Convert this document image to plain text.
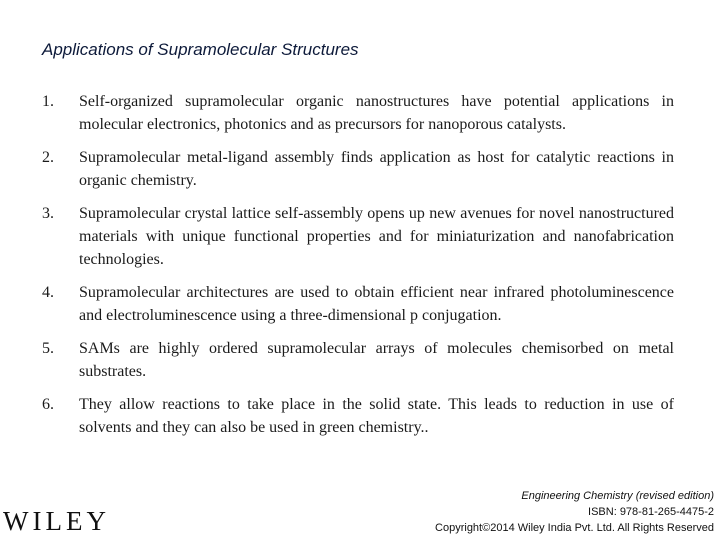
Applications of Supramolecular Structures
1.	Self-organized supramolecular organic nanostructures have potential applications in molecular electronics, photonics and as precursors for nanoporous catalysts.
2.	Supramolecular metal-ligand assembly finds application as host for catalytic reactions in organic chemistry.
3.	Supramolecular crystal lattice self-assembly opens up new avenues for novel nanostructured materials with unique functional properties and for miniaturization and nanofabrication technologies.
4.	Supramolecular architectures are used to obtain efficient near infrared photoluminescence and electroluminescence using a three-dimensional p conjugation.
5.	SAMs are highly ordered supramolecular arrays of molecules chemisorbed on metal substrates.
6.	They allow reactions to take place in the solid state. This leads to reduction in use of solvents and they can also be used in green chemistry..
WILEY
Engineering Chemistry (revised edition)
ISBN: 978-81-265-4475-2
Copyright©2014 Wiley India Pvt. Ltd. All Rights Reserved
